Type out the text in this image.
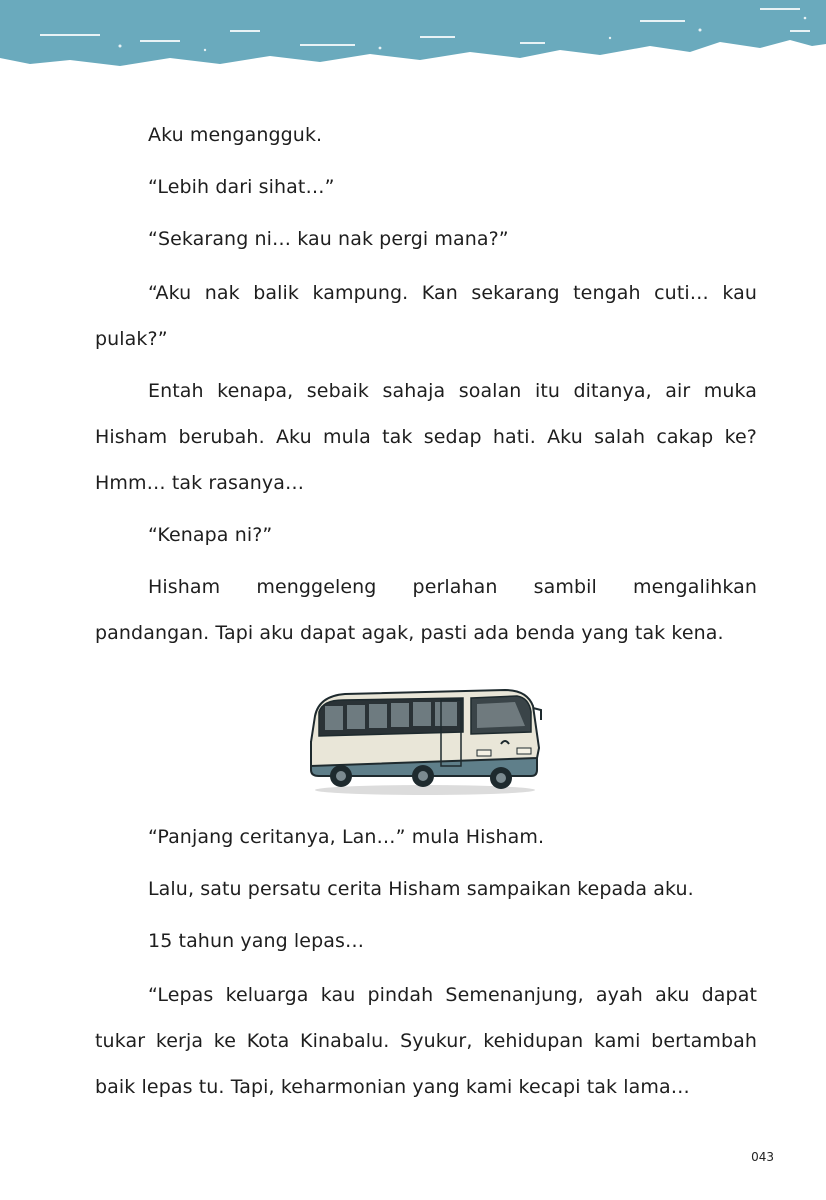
Aku mengangguk.

“Lebih dari sihat…”

“Sekarang ni… kau nak pergi mana?”

“Aku nak balik kampung. Kan sekarang tengah cuti… kau pulak?”

Entah kenapa, sebaik sahaja soalan itu ditanya, air muka Hisham berubah. Aku mula tak sedap hati. Aku salah cakap ke? Hmm… tak rasanya…

“Kenapa ni?”

Hisham menggeleng perlahan sambil mengalihkan pandangan. Tapi aku dapat agak, pasti ada benda yang tak kena.

“Panjang ceritanya, Lan…” mula Hisham.

Lalu, satu persatu cerita Hisham sampaikan kepada aku.

15 tahun yang lepas…

“Lepas keluarga kau pindah Semenanjung, ayah aku dapat tukar kerja ke Kota Kinabalu. Syukur, kehidupan kami bertambah baik lepas tu. Tapi, keharmonian yang kami kecapi tak lama…

043
